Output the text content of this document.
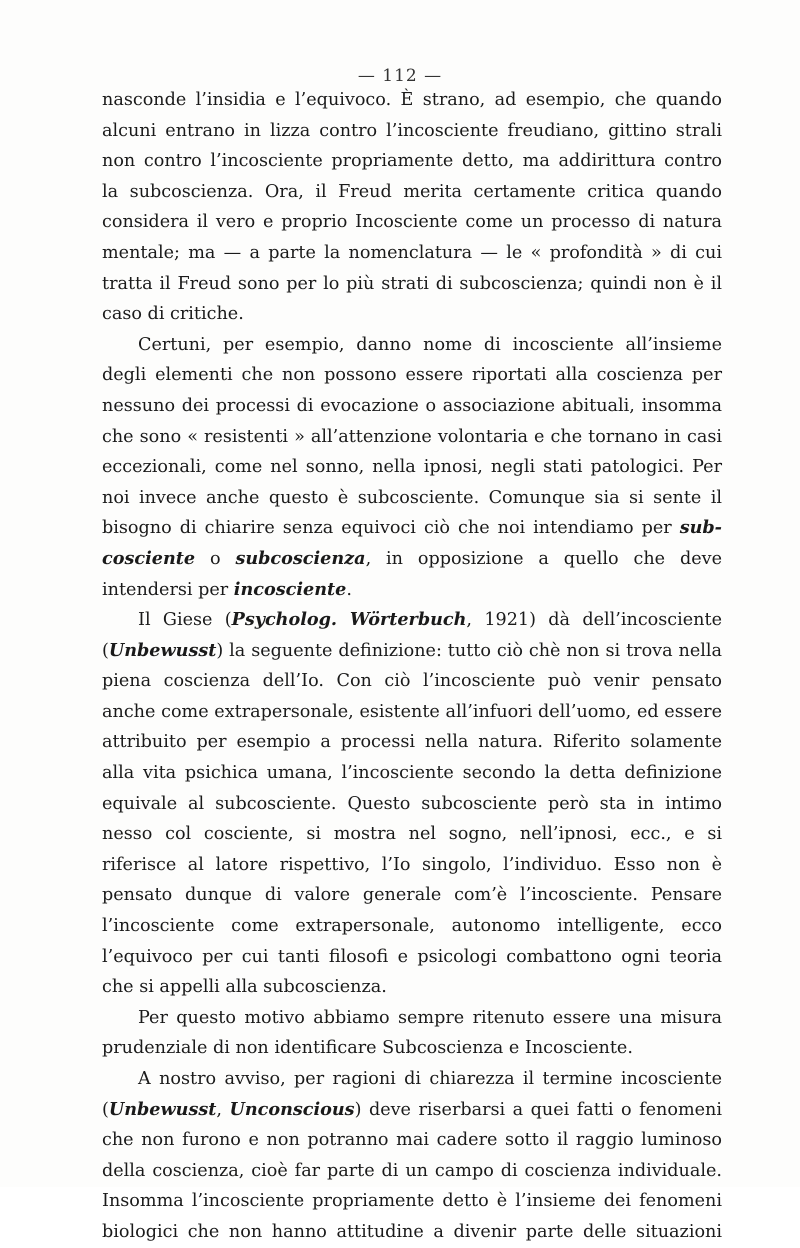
— 112 —

nasconde l’insidia e l’equivoco. È strano, ad esempio, che quando alcuni entrano in lizza contro l’incosciente freudiano, gittino strali non contro l’incosciente propriamente detto, ma addirittura contro la subcoscienza. Ora, il Freud merita certamente critica quando considera il vero e proprio Incosciente come un processo di natura mentale; ma — a parte la nomenclatura — le « profondità » di cui tratta il Freud sono per lo più strati di subcoscienza; quindi non è il caso di critiche.

Certuni, per esempio, danno nome di incosciente all’insieme degli elementi che non possono essere riportati alla coscienza per nessuno dei processi di evocazione o associazione abituali, insomma che sono « resistenti » all’attenzione volontaria e che tornano in casi eccezionali, come nel sonno, nella ipnosi, negli stati patologici. Per noi invece anche questo è subcosciente. Comunque sia si sente il bisogno di chiarire senza equivoci ciò che noi intendiamo per sub-cosciente o subcoscienza, in opposizione a quello che deve intendersi per incosciente.

Il Giese (Psycholog. Wörterbuch, 1921) dà dell’incosciente (Unbewusst) la seguente definizione: tutto ciò chè non si trova nella piena coscienza dell’Io. Con ciò l’incosciente può venir pensato anche come extrapersonale, esistente all’infuori dell’uomo, ed essere attribuito per esempio a processi nella natura. Riferito solamente alla vita psichica umana, l’incosciente secondo la detta definizione equivale al subcosciente. Questo subcosciente però sta in intimo nesso col cosciente, si mostra nel sogno, nell’ipnosi, ecc., e si riferisce al latore rispettivo, l’Io singolo, l’individuo. Esso non è pensato dunque di valore generale com’è l’incosciente. Pensare l’incosciente come extrapersonale, autonomo intelligente, ecco l’equivoco per cui tanti filosofi e psicologi combattono ogni teoria che si appelli alla subcoscienza.

Per questo motivo abbiamo sempre ritenuto essere una misura prudenziale di non identificare Subcoscienza e Incosciente.

A nostro avviso, per ragioni di chiarezza il termine incosciente (Unbewusst, Unconscious) deve riserbarsi a quei fatti o fenomeni che non furono e non potranno mai cadere sotto il raggio luminoso della coscienza, cioè far parte di un campo di coscienza individuale. Insomma l’incosciente propriamente detto è l’insieme dei fenomeni biologici che non hanno attitudine a divenir parte delle situazioni
